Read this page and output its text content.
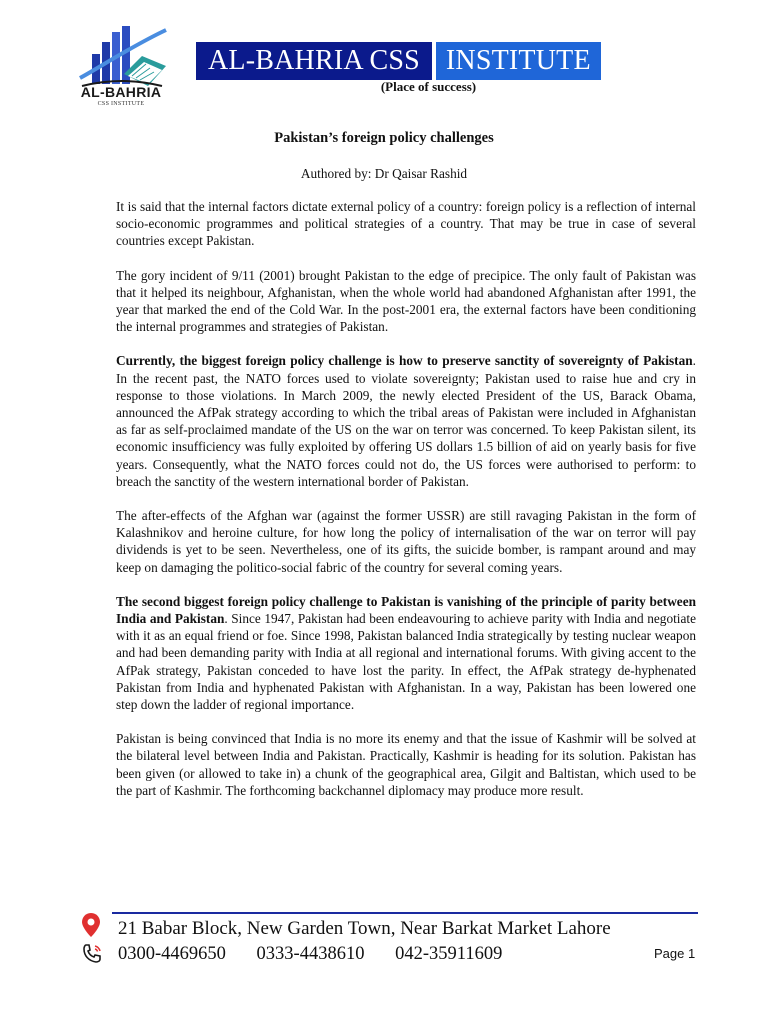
AL-BAHRIA
CSS INSTITUTE
AL-BAHRIA CSS INSTITUTE
(Place of success)
Pakistan’s foreign policy challenges
Authored by: Dr Qaisar Rashid

It is said that the internal factors dictate external policy of a country: foreign policy is a reflection of internal socio-economic programmes and political strategies of a country. That may be true in case of several countries except Pakistan.

The gory incident of 9/11 (2001) brought Pakistan to the edge of precipice. The only fault of Pakistan was that it helped its neighbour, Afghanistan, when the whole world had abandoned Afghanistan after 1991, the year that marked the end of the Cold War. In the post-2001 era, the external factors have been conditioning the internal programmes and strategies of Pakistan.

Currently, the biggest foreign policy challenge is how to preserve sanctity of sovereignty of Pakistan. In the recent past, the NATO forces used to violate sovereignty; Pakistan used to raise hue and cry in response to those violations. In March 2009, the newly elected President of the US, Barack Obama, announced the AfPak strategy according to which the tribal areas of Pakistan were included in Afghanistan as far as self-proclaimed mandate of the US on the war on terror was concerned. To keep Pakistan silent, its economic insufficiency was fully exploited by offering US dollars 1.5 billion of aid on yearly basis for five years. Consequently, what the NATO forces could not do, the US forces were authorised to perform: to breach the sanctity of the western international border of Pakistan.

The after-effects of the Afghan war (against the former USSR) are still ravaging Pakistan in the form of Kalashnikov and heroine culture, for how long the policy of internalisation of the war on terror will pay dividends is yet to be seen. Nevertheless, one of its gifts, the suicide bomber, is rampant around and may keep on damaging the politico-social fabric of the country for several coming years.

The second biggest foreign policy challenge to Pakistan is vanishing of the principle of parity between India and Pakistan. Since 1947, Pakistan had been endeavouring to achieve parity with India and negotiate with it as an equal friend or foe. Since 1998, Pakistan balanced India strategically by testing nuclear weapon and had been demanding parity with India at all regional and international forums. With giving accent to the AfPak strategy, Pakistan conceded to have lost the parity. In effect, the AfPak strategy de-hyphenated Pakistan from India and hyphenated Pakistan with Afghanistan. In a way, Pakistan has been lowered one step down the ladder of regional importance.

Pakistan is being convinced that India is no more its enemy and that the issue of Kashmir will be solved at the bilateral level between India and Pakistan. Practically, Kashmir is heading for its solution. Pakistan has been given (or allowed to take in) a chunk of the geographical area, Gilgit and Baltistan, which used to be the part of Kashmir. The forthcoming backchannel diplomacy may produce more result.

21 Babar Block, New Garden Town, Near Barkat Market Lahore
0300-4469650 0333-4438610 042-35911609	Page 1
